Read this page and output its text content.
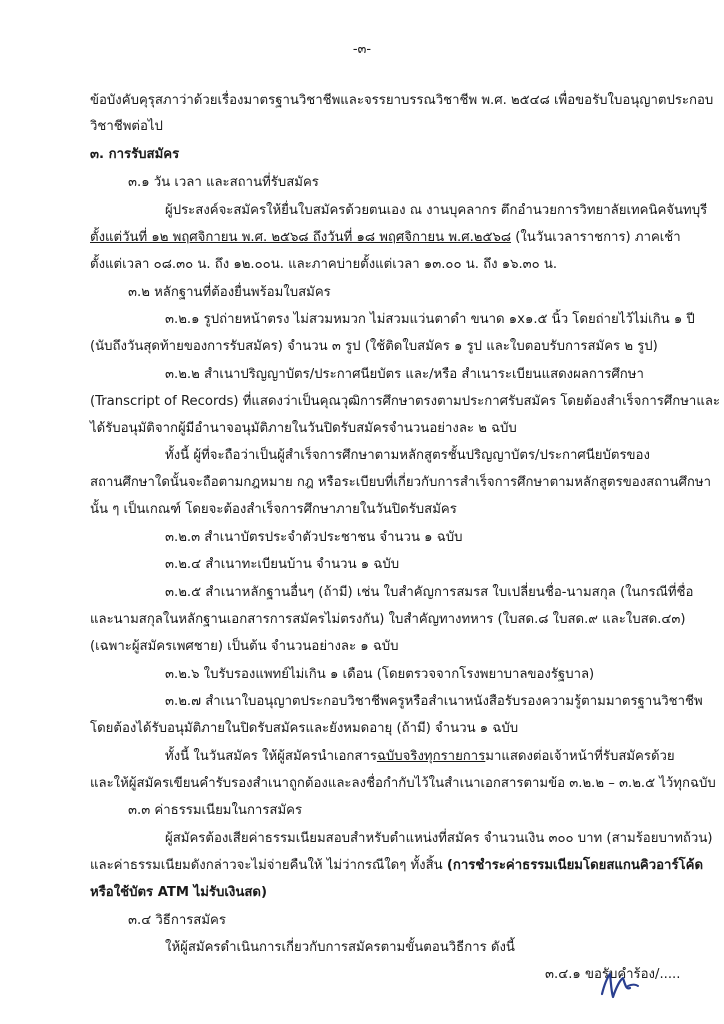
-๓-
ข้อบังคับคุรุสภาว่าด้วยเรื่องมาตรฐานวิชาชีพและจรรยาบรรณวิชาชีพ พ.ศ. ๒๕๔๘ เพื่อขอรับใบอนุญาตประกอบ
วิชาชีพต่อไป
๓. การรับสมัคร
๓.๑ วัน เวลา และสถานที่รับสมัคร
ผู้ประสงค์จะสมัครให้ยื่นใบสมัครด้วยตนเอง ณ งานบุคลากร ตึกอำนวยการวิทยาลัยเทคนิคจันทบุรี
ตั้งแต่วันที่ ๑๒ พฤศจิกายน พ.ศ. ๒๕๖๘ ถึงวันที่ ๑๘ พฤศจิกายน พ.ศ.๒๕๖๘ (ในวันเวลาราชการ) ภาคเช้า
ตั้งแต่เวลา ๐๘.๓๐ น. ถึง ๑๒.๐๐น. และภาคบ่ายตั้งแต่เวลา ๑๓.๐๐ น. ถึง ๑๖.๓๐ น.
๓.๒ หลักฐานที่ต้องยื่นพร้อมใบสมัคร
๓.๒.๑ รูปถ่ายหน้าตรง ไม่สวมหมวก ไม่สวมแว่นตาดำ ขนาด ๑x๑.๕ นิ้ว โดยถ่ายไว้ไม่เกิน ๑ ปี
(นับถึงวันสุดท้ายของการรับสมัคร) จำนวน ๓ รูป (ใช้ติดใบสมัคร ๑ รูป และใบตอบรับการสมัคร ๒ รูป)
๓.๒.๒ สำเนาปริญญาบัตร/ประกาศนียบัตร และ/หรือ สำเนาระเบียนแสดงผลการศึกษา
(Transcript of Records) ที่แสดงว่าเป็นคุณวุฒิการศึกษาตรงตามประกาศรับสมัคร โดยต้องสำเร็จการศึกษาและ
ได้รับอนุมัติจากผู้มีอำนาจอนุมัติภายในวันปิดรับสมัครจำนวนอย่างละ ๒ ฉบับ
ทั้งนี้ ผู้ที่จะถือว่าเป็นผู้สำเร็จการศึกษาตามหลักสูตรชั้นปริญญาบัตร/ประกาศนียบัตรของ
สถานศึกษาใดนั้นจะถือตามกฎหมาย กฎ หรือระเบียบที่เกี่ยวกับการสำเร็จการศึกษาตามหลักสูตรของสถานศึกษา
นั้น ๆ เป็นเกณฑ์ โดยจะต้องสำเร็จการศึกษาภายในวันปิดรับสมัคร
๓.๒.๓ สำเนาบัตรประจำตัวประชาชน จำนวน ๑ ฉบับ
๓.๒.๔ สำเนาทะเบียนบ้าน จำนวน ๑ ฉบับ
๓.๒.๕ สำเนาหลักฐานอื่นๆ (ถ้ามี) เช่น ใบสำคัญการสมรส ใบเปลี่ยนชื่อ-นามสกุล (ในกรณีที่ชื่อ
และนามสกุลในหลักฐานเอกสารการสมัครไม่ตรงกัน) ใบสำคัญทางทหาร (ใบสด.๘ ใบสด.๙ และใบสด.๔๓)
(เฉพาะผู้สมัครเพศชาย) เป็นต้น จำนวนอย่างละ ๑ ฉบับ
๓.๒.๖ ใบรับรองแพทย์ไม่เกิน ๑ เดือน (โดยตรวจจากโรงพยาบาลของรัฐบาล)
๓.๒.๗ สำเนาใบอนุญาตประกอบวิชาชีพครูหรือสำเนาหนังสือรับรองความรู้ตามมาตรฐานวิชาชีพ
โดยต้องได้รับอนุมัติภายในปิดรับสมัครและยังหมดอายุ (ถ้ามี) จำนวน ๑ ฉบับ
ทั้งนี้ ในวันสมัคร ให้ผู้สมัครนำเอกสารฉบับจริงทุกรายการมาแสดงต่อเจ้าหน้าที่รับสมัครด้วย
และให้ผู้สมัครเขียนคำรับรองสำเนาถูกต้องและลงชื่อกำกับไว้ในสำเนาเอกสารตามข้อ ๓.๒.๒ – ๓.๒.๕ ไว้ทุกฉบับ
๓.๓ ค่าธรรมเนียมในการสมัคร
ผู้สมัครต้องเสียค่าธรรมเนียมสอบสำหรับตำแหน่งที่สมัคร จำนวนเงิน ๓๐๐ บาท (สามร้อยบาทถ้วน)
และค่าธรรมเนียมดังกล่าวจะไม่จ่ายคืนให้ ไม่ว่ากรณีใดๆ ทั้งสิ้น (การชำระค่าธรรมเนียมโดยสแกนคิวอาร์โค้ด
หรือใช้บัตร ATM ไม่รับเงินสด)
๓.๔ วิธีการสมัคร
ให้ผู้สมัครดำเนินการเกี่ยวกับการสมัครตามขั้นตอนวิธีการ ดังนี้
๓.๔.๑ ขอรับคำร้อง/.....
